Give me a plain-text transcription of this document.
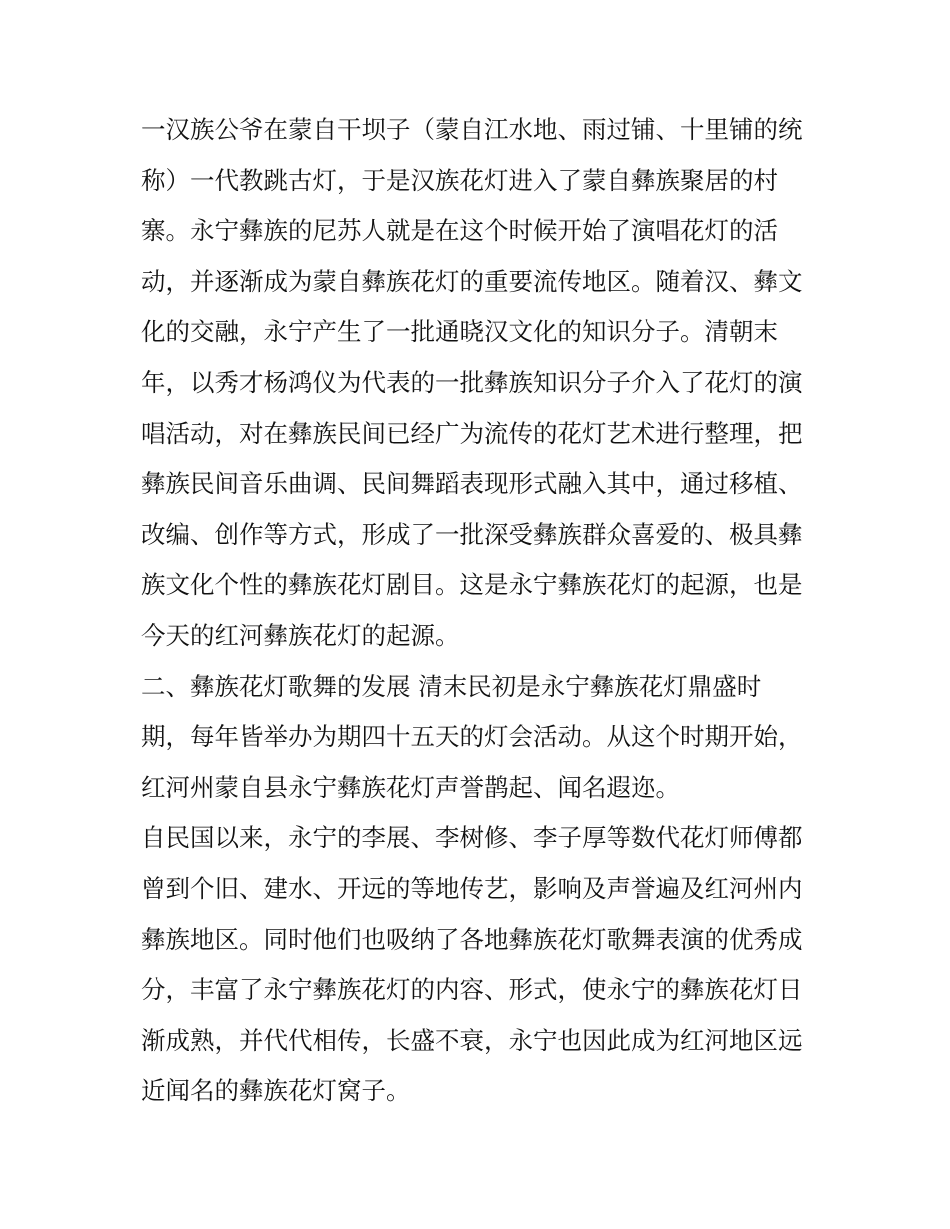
一汉族公爷在蒙自干坝子（蒙自江水地、雨过铺、十里铺的统
称）一代教跳古灯，于是汉族花灯进入了蒙自彝族聚居的村
寨。永宁彝族的尼苏人就是在这个时候开始了演唱花灯的活
动，并逐渐成为蒙自彝族花灯的重要流传地区。随着汉、彝文
化的交融，永宁产生了一批通晓汉文化的知识分子。清朝末
年，以秀才杨鸿仪为代表的一批彝族知识分子介入了花灯的演
唱活动，对在彝族民间已经广为流传的花灯艺术进行整理，把
彝族民间音乐曲调、民间舞蹈表现形式融入其中，通过移植、
改编、创作等方式，形成了一批深受彝族群众喜爱的、极具彝
族文化个性的彝族花灯剧目。这是永宁彝族花灯的起源，也是
今天的红河彝族花灯的起源。
二、彝族花灯歌舞的发展 清末民初是永宁彝族花灯鼎盛时
期，每年皆举办为期四十五天的灯会活动。从这个时期开始，
红河州蒙自县永宁彝族花灯声誉鹊起、闻名遐迩。
自民国以来，永宁的李展、李树修、李子厚等数代花灯师傅都
曾到个旧、建水、开远的等地传艺，影响及声誉遍及红河州内
彝族地区。同时他们也吸纳了各地彝族花灯歌舞表演的优秀成
分，丰富了永宁彝族花灯的内容、形式，使永宁的彝族花灯日
渐成熟，并代代相传，长盛不衰，永宁也因此成为红河地区远
近闻名的彝族花灯窝子。
